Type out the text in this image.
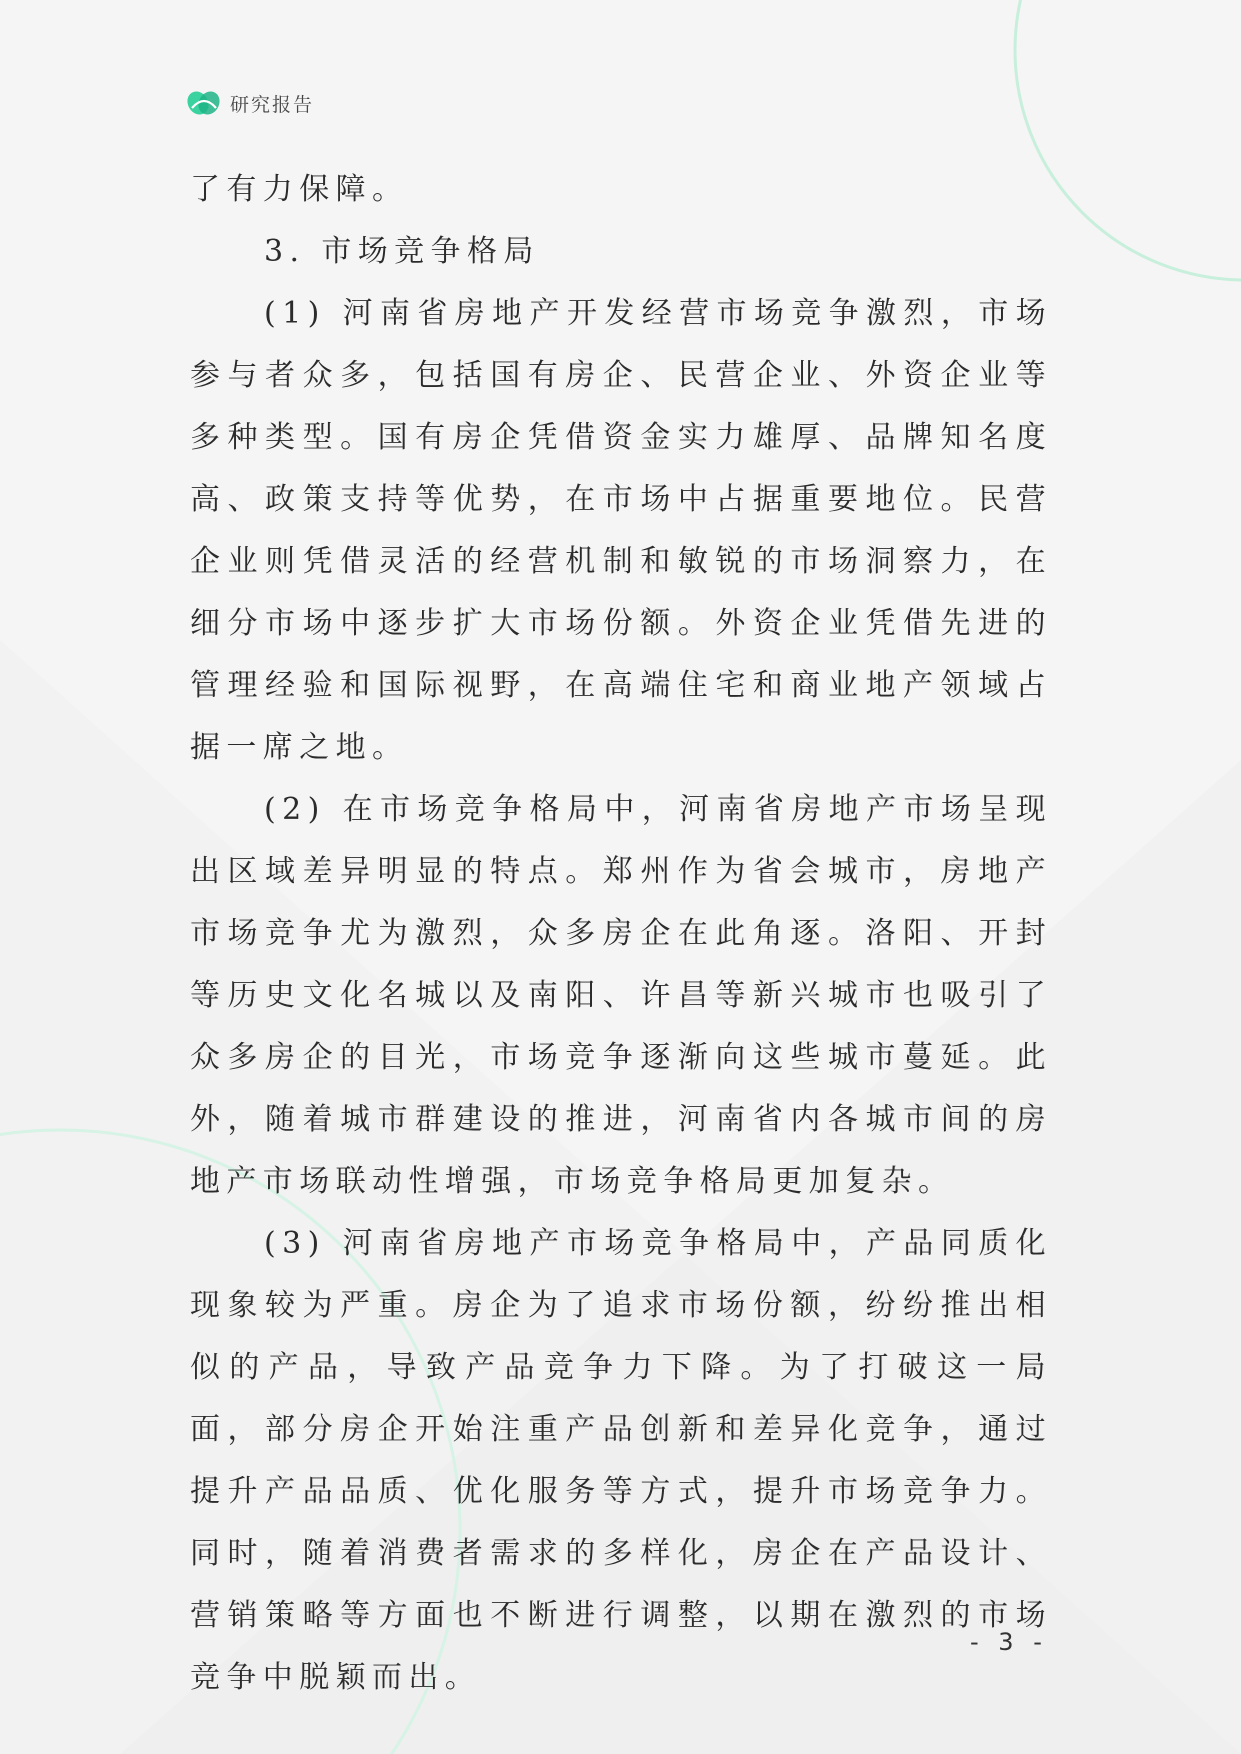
研究报告

了有力保障。

3. 市场竞争格局

(1) 河南省房地产开发经营市场竞争激烈，市场参与者众多，包括国有房企、民营企业、外资企业等多种类型。国有房企凭借资金实力雄厚、品牌知名度高、政策支持等优势，在市场中占据重要地位。民营企业则凭借灵活的经营机制和敏锐的市场洞察力，在细分市场中逐步扩大市场份额。外资企业凭借先进的管理经验和国际视野，在高端住宅和商业地产领域占据一席之地。

(2) 在市场竞争格局中，河南省房地产市场呈现出区域差异明显的特点。郑州作为省会城市，房地产市场竞争尤为激烈，众多房企在此角逐。洛阳、开封等历史文化名城以及南阳、许昌等新兴城市也吸引了众多房企的目光，市场竞争逐渐向这些城市蔓延。此外，随着城市群建设的推进，河南省内各城市间的房地产市场联动性增强，市场竞争格局更加复杂。

(3) 河南省房地产市场竞争格局中，产品同质化现象较为严重。房企为了追求市场份额，纷纷推出相似的产品，导致产品竞争力下降。为了打破这一局面，部分房企开始注重产品创新和差异化竞争，通过提升产品品质、优化服务等方式，提升市场竞争力。同时，随着消费者需求的多样化，房企在产品设计、营销策略等方面也不断进行调整，以期在激烈的市场竞争中脱颖而出。

- 3 -
